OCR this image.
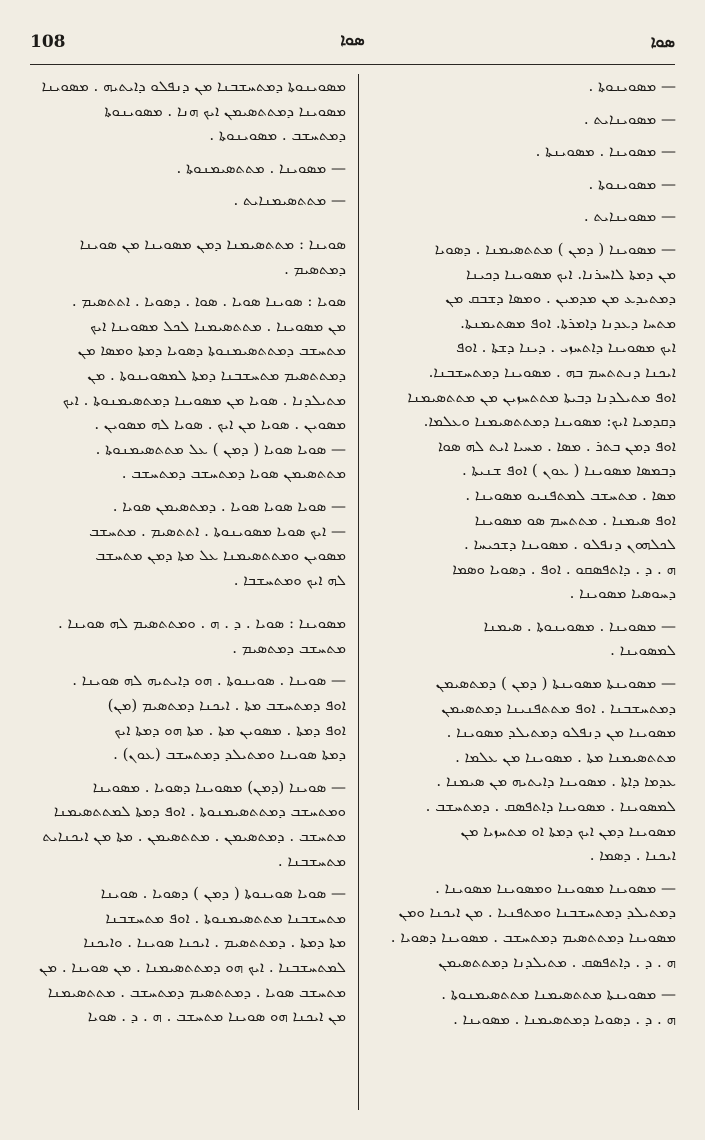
108	ܣܘܐ	ܣܘܐ
— ܡܣܘܝܢܘܬܐ .
— ܡܣܘܝܢܐܝܬ .
— ܡܣܘܝܢܐ . ܡܣܘܝܢܬܐ .
— ܡܣܘܝܢܘܬܐ .
— ܡܣܘܝܢܐܝܬ .
— ܡܣܘܝܢܐ ( ܕܡܢ ) ܡܬܬܣܝܡܢܐ . ܕܣܘܝܐ
ܡܢ ܕܡܬܐ ܠܐܚܪܢܐ. ܐܝܟ ܡܣܘܝܢܐ ܕܟܝܢܐ
ܕܡܬܝܕܥ ܡܢ ܡܕܡܝܢ . ܘܡܣܐ ܕܫܒܩ ܡܢ
ܡܬܚܐ ܕܥܕܢܐ ܕܐܡܪܬܐ. ܐܘܦ ܡܣܬܝܡܢܬܐ.
ܐܝܟ ܡܣܘܝܢܐ ܕܐܬܚܙܝ . ܕܝܢܐ ܕܫܬܐ . ܐܘܦ
ܐܝܟܢܐ ܕܢܬܬܚܡ ܒܗ . ܡܣܘܝܢܐ ܕܡܬܚܫܒܢܐ.
ܐܘܦ ܡܬܝܠܕܢܐ ܕܒܝܬܐ ܡܬܬܚܙܝܢ ܡܢ ܡܬܬܣܝܡܢܐ
ܕܩܕܡܝܐ ܐܝܟ: ܡܣܘܝܢܐ ܕܡܬܬܣܝܡܢܐ ܘܥܠܡܐ.
ܐܘܦ ܕܡܢ ܒܬܪ . ܡܣܐ . ܡܚܝܐ ܐܝܬ ܠܗ ܣܘܐ
ܕܒܡܣܐ ܡܣܘܝܢܐ ( ܥܘܢ ) ܐܘܦ ܫܢܝܬܐ .
ܡܣܐ . ܡܬܚܫܒ ܠܡܬܦܢܝܘ ܡܣܘܝܢܐ .
ܐܘܦ ܣܝܡܢܐ . ܡܬܬܚܡ ܣܘ ܡܣܘܝܢܐ
ܠܟܠܗܘܢ ܕܢܦܠܘ . ܡܣܘܝܢܐ ܕܫܟܝܚܐ .
ܗ . ܕ . ܕܐܬܦܣܩܘ . ܐܘܦ . ܕܣܘܝܐ ܘܣܡܐ
ܕܚܘܣܝܐ ܡܣܘܝܢܐ .
— ܡܣܘܝܢܐ . ܡܣܘܝܢܘܬܐ . ܣܝܡܢܐ
ܠܡܣܘܝܢܐ .
— ܡܣܘܝܢܬܐ ܡܣܘܝܢܬܐ ( ܕܡܢ ) ܕܡܬܣܝܡܢ
ܕܡܬܚܫܒܢܐ . ܐܘܦ ܡܬܬܦܢܝܢܐ ܕܡܬܣܝܡܢ
ܡܣܘܝܢܐ ܡܢ ܕܢܦܠܘ ܕܡܬܝܠܕ ܡܣܘܝܢܐ .
ܡܬܬܣܝܡܢܐ ܡܬܐ . ܡܣܘܝܢܐ ܡܢ ܥܠܡܐ .
ܥܕܡܐ ܕܐܬܐ . ܡܣܘܝܢܐ ܕܐܝܬܝܗ ܡܢ ܣܝܡܢܐ .
ܠܡܣܘܝܢܐ . ܡܣܘܝܢܐ ܕܐܬܦܣܩ . ܕܡܬܚܫܒ .
ܡܣܘܝܢܐ ܕܡܢ ܐܝܟ ܕܡܬܐ ܐܘ ܡܬܚܙܝܐ ܡܢ
ܐܝܟܢܐ . ܕܣܡܐ .
— ܡܣܘܝܢܐ ܡܣܘܝܢܐ ܘܡܣܘܝܢܐ ܡܣܘܝܢܐ .
ܕܡܬܝܠܕ ܕܡܬܚܫܒܢܐ ܘܡܬܦܢܝܐ . ܡܢ ܐܝܟܢܐ ܘܡܢ
ܡܣܘܝܢܐ ܕܡܬܬܣܝܡ ܕܡܬܚܫܒ . ܡܣܘܝܢܐ ܕܣܘܝܐ .
ܗ . ܕ . ܕܐܬܦܣܩ . ܡܬܝܠܕܢܐ ܕܡܬܬܣܝܡܢ
— ܡܣܘܝܢܬܐ ܡܬܬܣܝܡܢܐ ܡܬܬܣܝܡܢܘܬܐ .
ܗ . ܕ . ܕܣܘܝܐ ܕܡܬܣܝܡܢܐ . ܡܣܘܝܢܐ .
ܡܣܘܝܢܘܬܐ ܕܡܬܚܫܒܢܐ ܡܢ ܕܢܦܠܘ ܕܐܝܬܝܗ . ܡܣܘܝܢܐ
ܡܣܘܝܢܐ ܕܡܬܬܣܝܡܢ ܐܝܟ ܗܢܐ . ܡܣܘܝܢܘܬܐ
ܕܡܬܚܫܒ . ܡܣܘܝܢܘܬܐ .
— ܡܣܘܝܢܐ . ܡܬܬܣܝܡܢܘܬܐ .
— ܡܬܬܣܝܡܢܐܝܬ .
ܣܘܝܢܐ : ܡܬܬܣܝܡܢܐ ܕܡܢ ܡܣܘܝܢܐ ܡܢ ܣܘܝܢܐ
ܕܡܬܣܝܡ .
ܣܘܝܐ : ܣܘܝܢܐ ܣܘܝܐ . ܣܘܐ . ܕܣܘܝܐ . ܐܬܬܣܝܡ .
ܡܢ ܡܣܘܝܢܐ . ܡܬܬܣܝܡܢܐ ܠܟܠ ܡܣܘܝܢܐ ܐܝܟ
ܡܬܚܫܒ ܕܡܬܬܣܝܡܢܘܬܐ ܕܣܘܝܐ ܕܡܬܐ ܘܡܣܐ ܡܢ
ܕܡܬܬܣܝܡ ܡܬܚܫܒܢܐ ܕܡܬܐ ܠܡܣܘܝܢܘܬܐ . ܡܢ
ܡܬܝܠܕܢܐ . ܣܘܝܐ ܡܢ ܡܣܘܝܢܐ ܕܡܬܣܝܡܢܘܬܐ . ܐܝܟ
ܡܣܘܝܢ . ܣܘܝܐ ܡܢ ܐܝܟ . ܣܘܝܐ ܠܗ ܡܣܘܝܢ .
— ܣܘܝܐ ܣܘܝܐ ( ܕܡܢ ) ܥܠ ܡܬܬܣܝܡܢܘܬܐ .
ܡܬܬܣܝܡܢ ܣܘܝܐ ܕܡܬܚܫܒ ܕܡܬܚܫܒ .
— ܣܘܝܐ ܣܘܝܐ ܣܘܝܐ . ܕܡܬܣܝܡܢ ܣܘܝܐ .
— ܐܝܟ ܣܘܝܐ ܡܣܘܝܢܘܬܐ . ܐܬܬܣܝܡ . ܡܬܚܫܒ
ܡܣܘܝܢ ܘܡܬܬܣܝܡܢܐ ܥܠ ܡܬܐ ܕܡܢ ܡܬܚܫܒ
ܠܗ ܐܝܟ ܘܡܬܚܫܒܐ .
ܡܣܘܝܢܐ : ܣܘܝܐ . ܕ . ܗ . ܘܡܬܬܣܝܡ ܠܗ ܣܘܝܢܐ .
ܡܬܚܫܒ ܕܡܬܣܝܡ .
— ܣܘܝܢܐ . ܣܘܝܢܘܬܐ . ܗܘ ܕܐܝܬܝܗ ܠܗ ܣܘܝܢܐ .
ܐܘܦ ܕܡܬܚܫܒ ܡܬܐ . ܐܝܟܢܐ ܕܡܬܣܝܡ (ܡܢ)
ܐܘܦ ܕܡܬܐ . ܡܣܘܝܢ ܡܬܐ . ܡܬܐ ܗܘ ܕܡܬܐ ܐܝܟ
ܕܡܬܐ ܣܘܝܢܐ ܘܡܬܝܠܕ ܕܡܬܚܫܒ (ܥܘܢ) .
— ܣܘܝܢܐ (ܕܡܢ) ܡܣܘܝܢܐ ܕܣܘܝܐ . ܡܣܘܝܢܐ
ܘܡܬܚܫܒ ܕܡܬܬܣܝܡܢܘܬܐ . ܐܘܦ ܕܡܬܐ ܠܡܬܬܣܝܡܢܐ
ܡܬܚܫܒ . ܕܡܬܣܝܡܢ . ܡܬܬܣܝܡܢ . ܡܬܐ ܡܢ ܐܝܟܢܐܝܬ
ܡܬܚܫܒܢܐ .
— ܣܘܝܐ ܣܘܝܢܘܬܐ ( ܕܡܢ ) ܕܣܘܝܐ . ܣܘܝܢܐ
ܡܬܚܫܒܢܐ ܡܬܬܣܝܡܢܘܬܐ . ܐܘܦ ܡܬܚܫܒܢܐ
ܡܬܐ ܕܡܬܐ . ܕܡܬܬܣܝܡ . ܐܝܟܢܐ ܣܘܝܢܐ . ܘܐܝܟܢܐ
ܠܡܬܚܫܒܢܐ . ܐܝܟ ܗܘ ܕܡܬܬܣܝܡܢܐ . ܡܢ ܣܘܝܢܐ . ܡܢ
ܡܬܚܫܒ ܣܘܝܐ . ܕܡܬܬܣܝܡ ܕܡܬܚܫܒ . ܡܬܬܣܝܡܢܐ
ܡܢ ܐܝܟܢܐ ܗܘ ܣܘܝܢܐ ܡܬܚܫܒ . ܗ . ܕ . ܣܘܝܐ
